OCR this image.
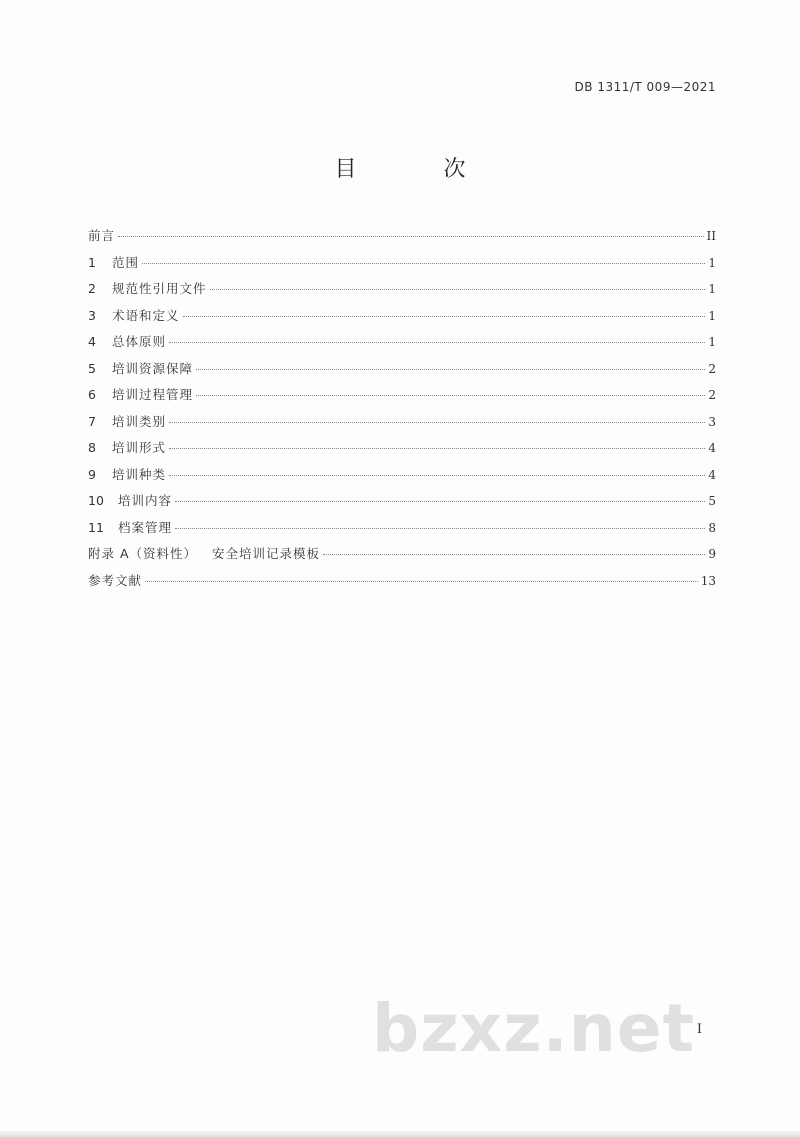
DB 1311/T 009—2021
目 次
前言	II
1	范围	1
2	规范性引用文件	1
3	术语和定义	1
4	总体原则	1
5	培训资源保障	2
6	培训过程管理	2
7	培训类别	3
8	培训形式	4
9	培训种类	4
10	培训内容	5
11	档案管理	8
附录 A（资料性）   安全培训记录模板	9
参考文献	13
bzxz.net I
